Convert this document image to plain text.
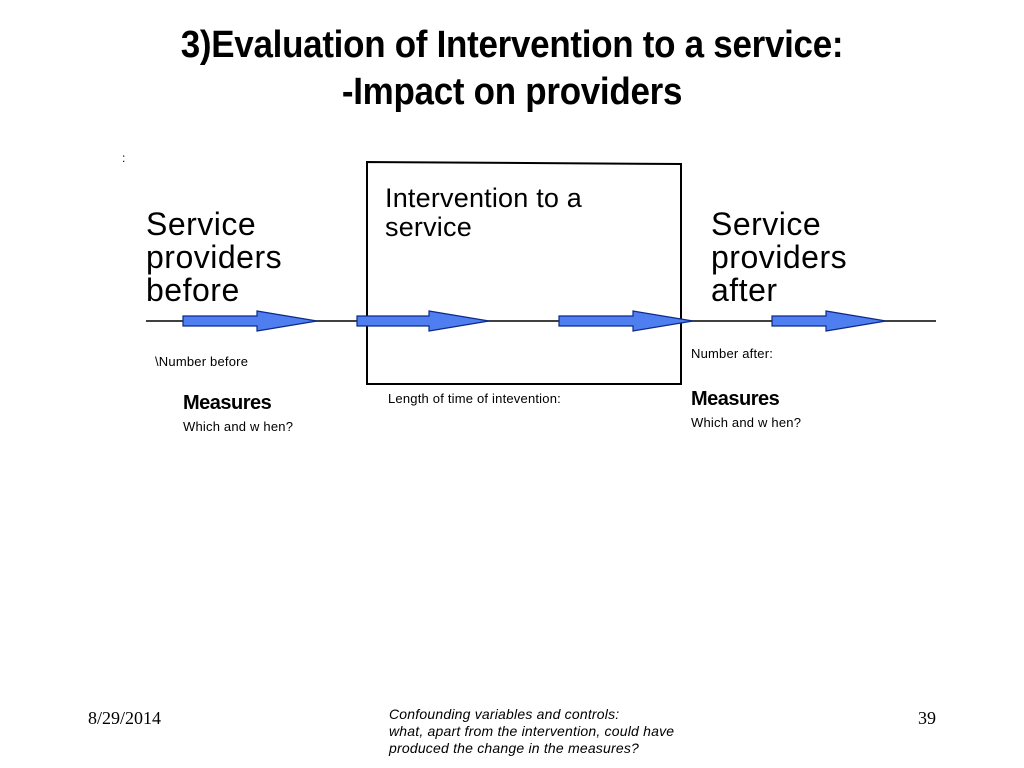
3)Evaluation of Intervention to a service:
-Impact on providers
:
Service
providers
before
\Number before
Measures
Which and w hen?
Intervention to a
service
Length of time of intevention:
Service
providers
after
Number after:
Measures
Which and w hen?
8/29/2014	Confounding variables and controls:
what, apart from the intervention, could have
produced the change in the measures?
39
